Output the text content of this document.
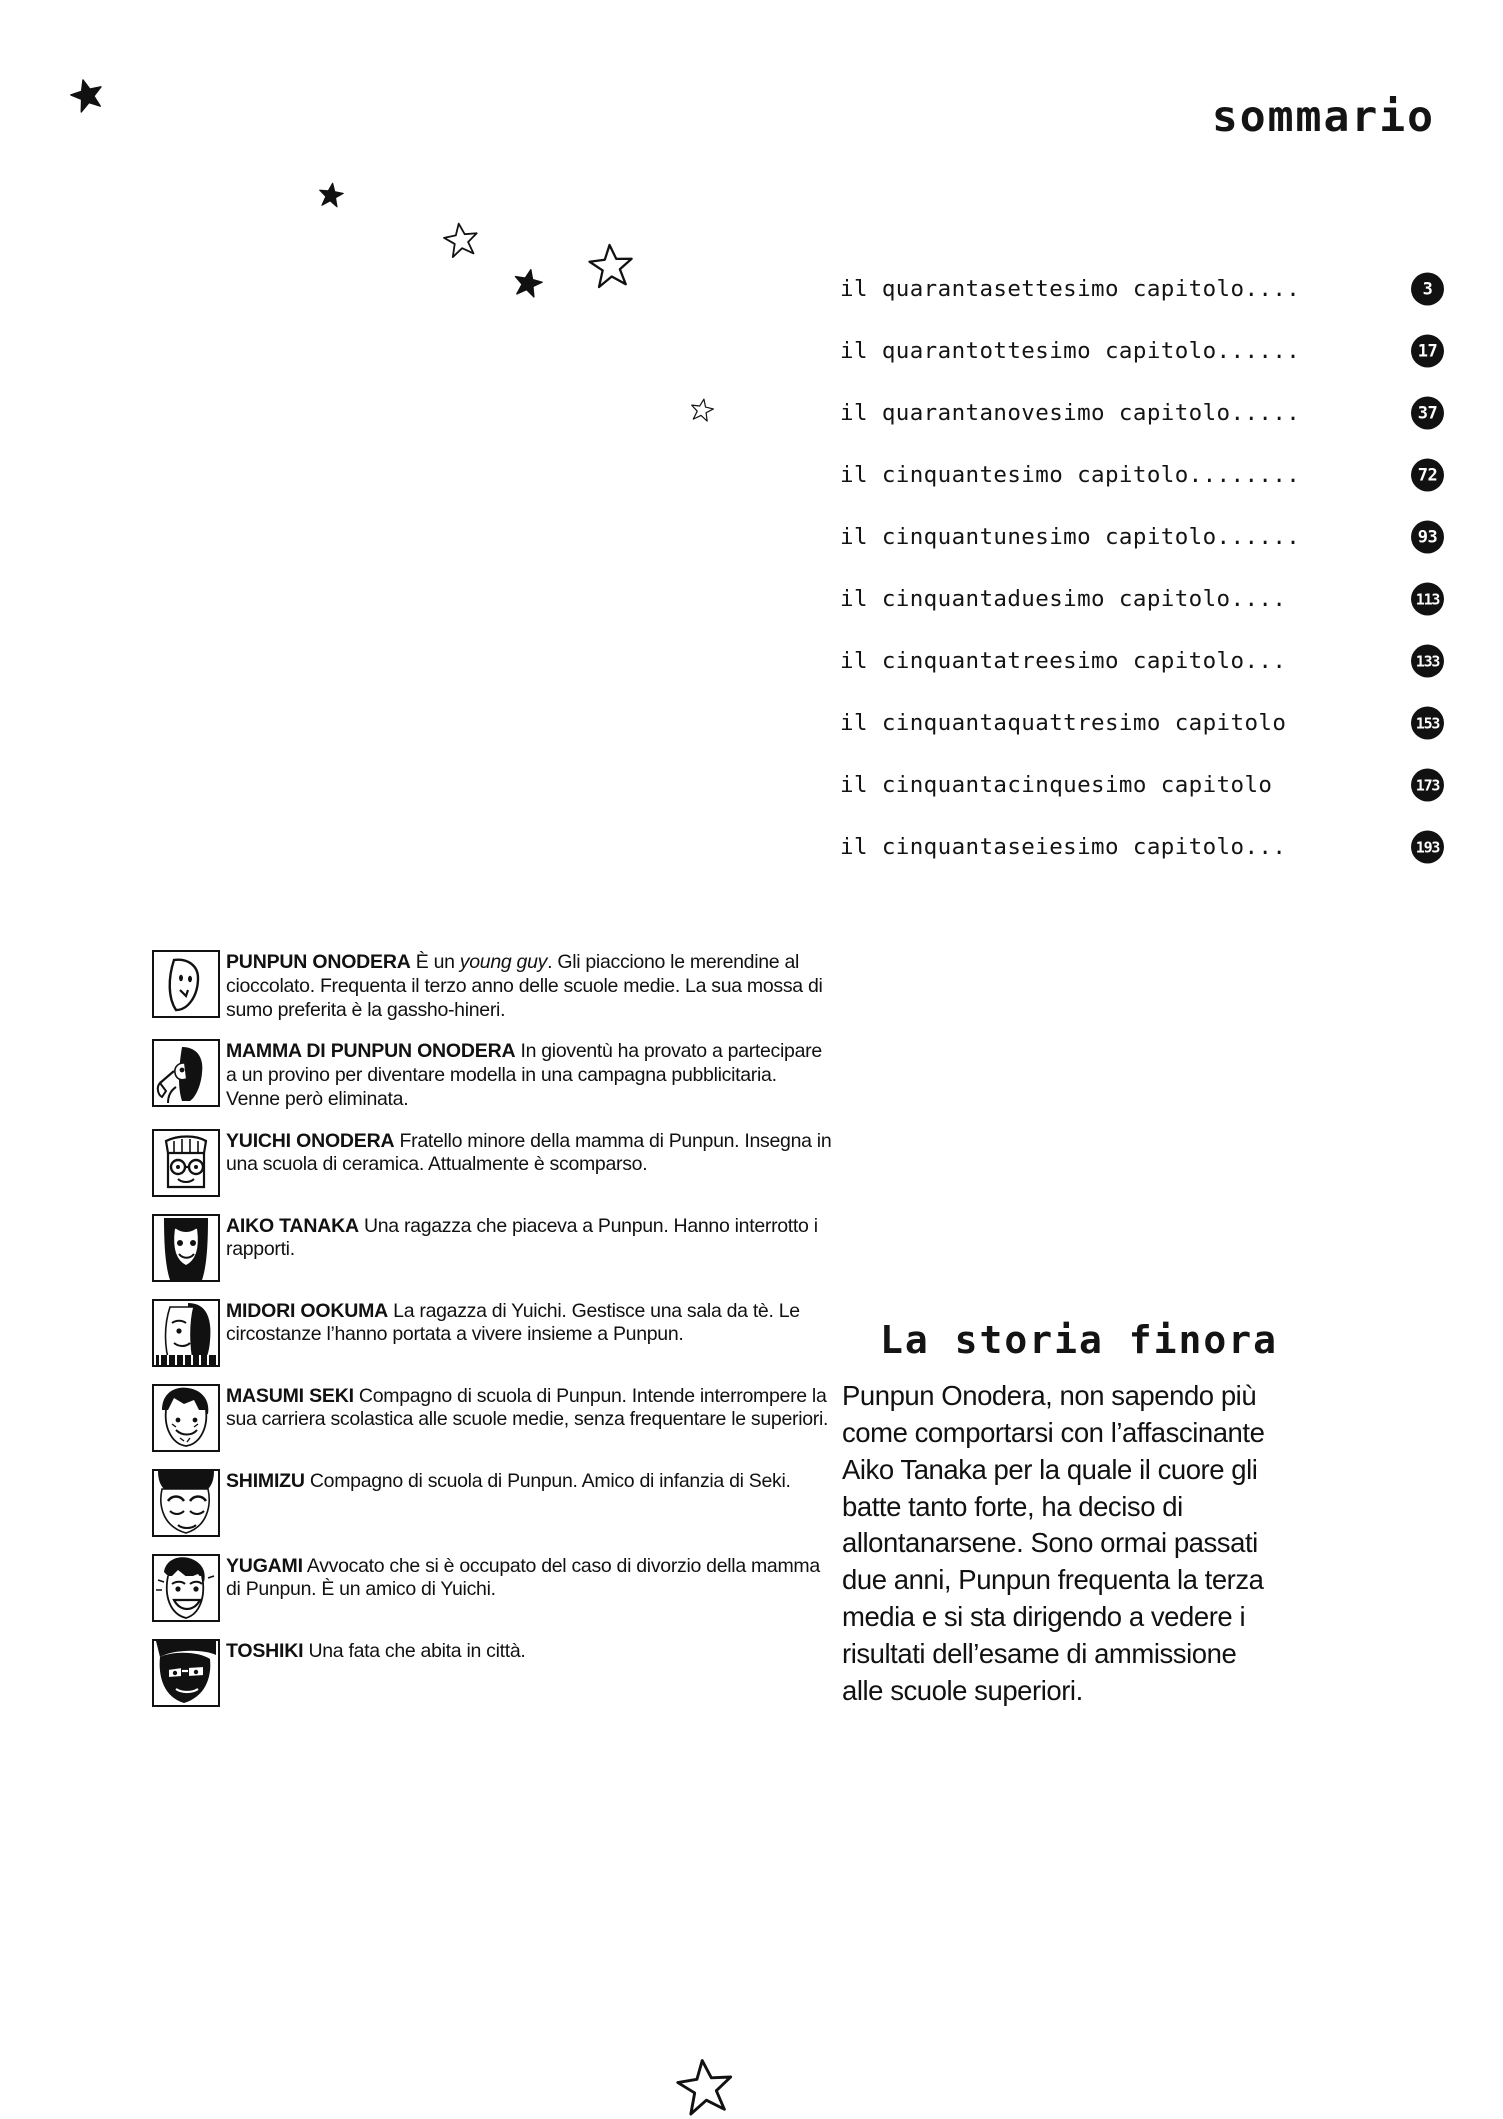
sommario
il quarantasettesimo capitolo ....	3
il quarantottesimo capitolo ......	17
il quarantanovesimo capitolo .....	37
il cinquantesimo capitolo ........	72
il cinquantunesimo capitolo ......	93
il cinquantaduesimo capitolo ....	113
il cinquantatreesimo capitolo ...	133
il cinquantaquattresimo capitolo	153
il cinquantacinquesimo capitolo	173
il cinquantaseiesimo capitolo ...	193
PUNPUN ONODERA È un young guy. Gli piacciono le merendine al cioccolato. Frequenta il terzo anno delle scuole medie. La sua mossa di sumo preferita è la gassho-hineri.
MAMMA DI PUNPUN ONODERA In gioventù ha provato a partecipare a un provino per diventare modella in una campagna pubblicitaria. Venne però eliminata.
YUICHI ONODERA Fratello minore della mamma di Punpun. Insegna in una scuola di ceramica. Attualmente è scomparso.
AIKO TANAKA Una ragazza che piaceva a Punpun. Hanno interrotto i rapporti.
MIDORI OOKUMA La ragazza di Yuichi. Gestisce una sala da tè. Le circostanze l’hanno portata a vivere insieme a Punpun.
MASUMI SEKI Compagno di scuola di Punpun. Intende interrompere la sua carriera scolastica alle scuole medie, senza frequentare le superiori.
SHIMIZU Compagno di scuola di Punpun. Amico di infanzia di Seki.
YUGAMI Avvocato che si è occupato del caso di divorzio della mamma di Punpun. È un amico di Yuichi.
TOSHIKI Una fata che abita in città.
La storia finora
Punpun Onodera, non sapendo più come comportarsi con l’affascinante Aiko Tanaka per la quale il cuore gli batte tanto forte, ha deciso di allontanarsene. Sono ormai passati due anni, Punpun frequenta la terza media e si sta dirigendo a vedere i risultati dell’esame di ammissione alle scuole superiori.
